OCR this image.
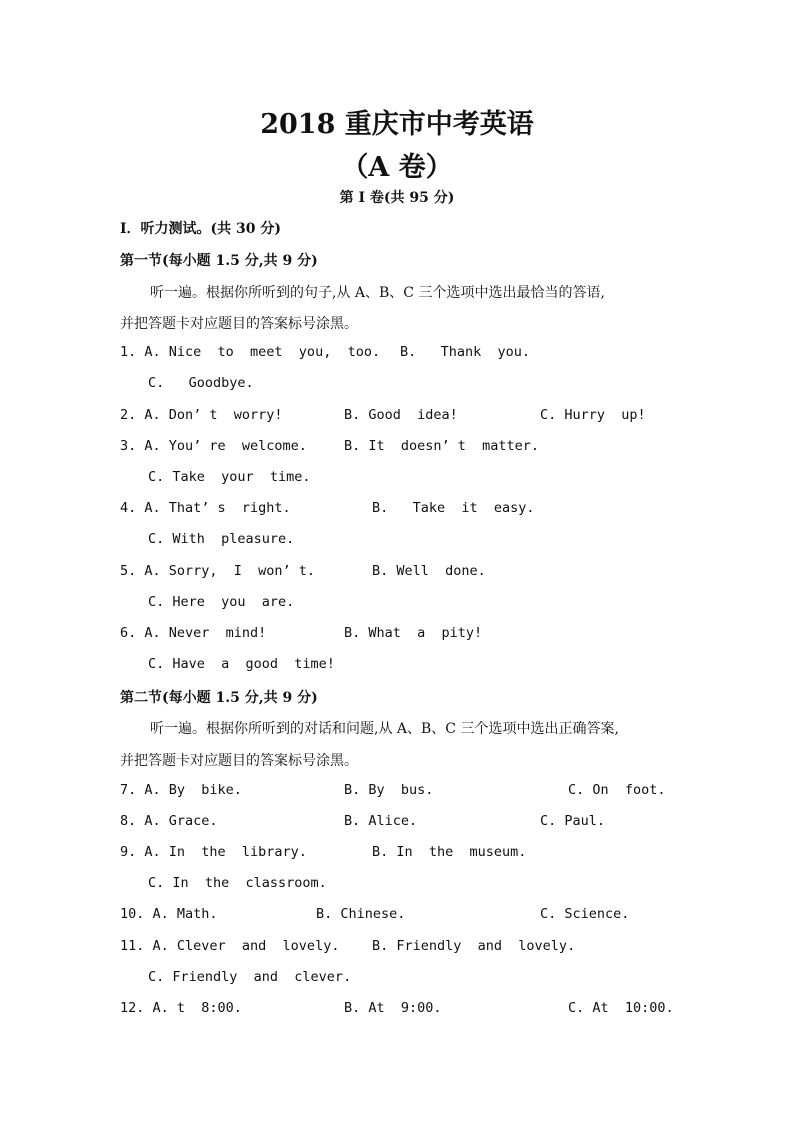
2018 重庆市中考英语
（A 卷）
第 I 卷(共 95 分)
I．听力测试。(共 30 分)
第一节(每小题 1.5 分,共 9 分)
听一遍。根据你所听到的句子,从 A、B、C 三个选项中选出最恰当的答语,
并把答题卡对应题目的答案标号涂黑。
1. A. Nice  to  meet  you,  too. B.   Thank  you.
C.   Goodbye.
2. A. Don’ t  worry!	B. Good  idea!	C. Hurry  up!
3. A. You’ re  welcome.	B. It  doesn’ t  matter.
C. Take  your  time.
4. A. That’ s  right.	B.   Take  it  easy.
C. With  pleasure.
5. A. Sorry,  I  won’ t.	B. Well  done.
C. Here  you  are.
6. A. Never  mind!	B. What  a  pity!
C. Have  a  good  time!
第二节(每小题 1.5 分,共 9 分)
听一遍。根据你所听到的对话和问题,从 A、B、C 三个选项中选出正确答案,
并把答题卡对应题目的答案标号涂黑。
7. A. By  bike.	B. By  bus.	C. On  foot.
8. A. Grace.	B. Alice.	C. Paul.
9. A. In  the  library.	B. In  the  museum.
C. In  the  classroom.
10. A. Math.	B. Chinese.	C. Science.
11. A. Clever  and  lovely. B. Friendly  and  lovely.
C. Friendly  and  clever.
12. A. t  8:00.	B. At  9:00.	C. At  10:00.
